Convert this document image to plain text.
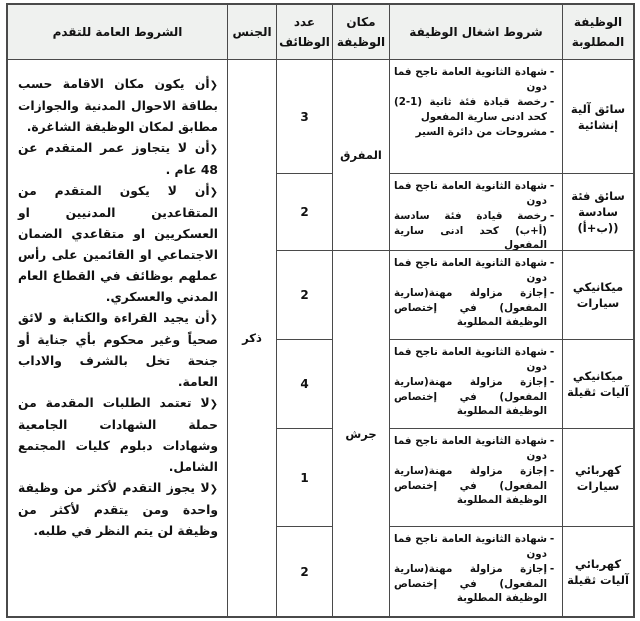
الوظيفة المطلوبة
شروط اشغال الوظيفة
مكان الوظيفة
عدد الوظائف
الجنس
الشروط العامة للتقدم
سائق آلية إنشائية
سائق فئة سادسة ((ب+أ)
ميكانيكي سيارات
ميكانيكي آليات ثقيلة
كهربائي سيارات
كهربائي آليات ثقيلة
-
شهادة الثانوية العامة ناجح فما دون
-
رخصة قيادة فئة ثانية (1-2) كحد ادنى سارية المفعول
-
مشروحات من دائرة السير
-
شهادة الثانوية العامة ناجح فما دون
-
رخصة قيادة فئة سادسة (أ+ب) كحد ادنى سارية المفعول
-
شهادة الثانوية العامة ناجح فما دون
-
إجازة مزاولة مهنة(سارية المفعول) في إختصاص الوظيفة المطلوبة
-
شهادة الثانوية العامة ناجح فما دون
-
إجازة مزاولة مهنة(سارية المفعول) في إختصاص الوظيفة المطلوبة
-
شهادة الثانوية العامة ناجح فما دون
-
إجازة مزاولة مهنة(سارية المفعول) في إختصاص الوظيفة المطلوبة
-
شهادة الثانوية العامة ناجح فما دون
-
إجازة مزاولة مهنة(سارية المفعول) في إختصاص الوظيفة المطلوبة
المفرق
جرش
3
2
2
4
1
2
ذكر

❮أن يكون مكان الاقامة حسب بطاقة الاحوال المدنية والجوازات مطابق لمكان الوظيفة الشاغرة.

❮أن لا يتجاوز عمر المتقدم عن 48 عام .

❮أن لا يكون المتقدم من المتقاعدين المدنيين او العسكريين او متقاعدي الضمان الاجتماعي او القائمين على رأس عملهم بوظائف في القطاع العام المدني والعسكري.

❮أن يجيد القراءة والكتابة و لائق صحياً وغير محكوم بأي جناية أو جنحة تخل بالشرف والاداب العامة.

❮لا تعتمد الطلبات المقدمة من حملة الشهادات الجامعية وشهادات دبلوم كليات المجتمع الشامل.

❮لا يجوز التقدم لأكثر من وظيفة واحدة ومن يتقدم لأكثر من وظيفة لن يتم النظر في طلبه.
